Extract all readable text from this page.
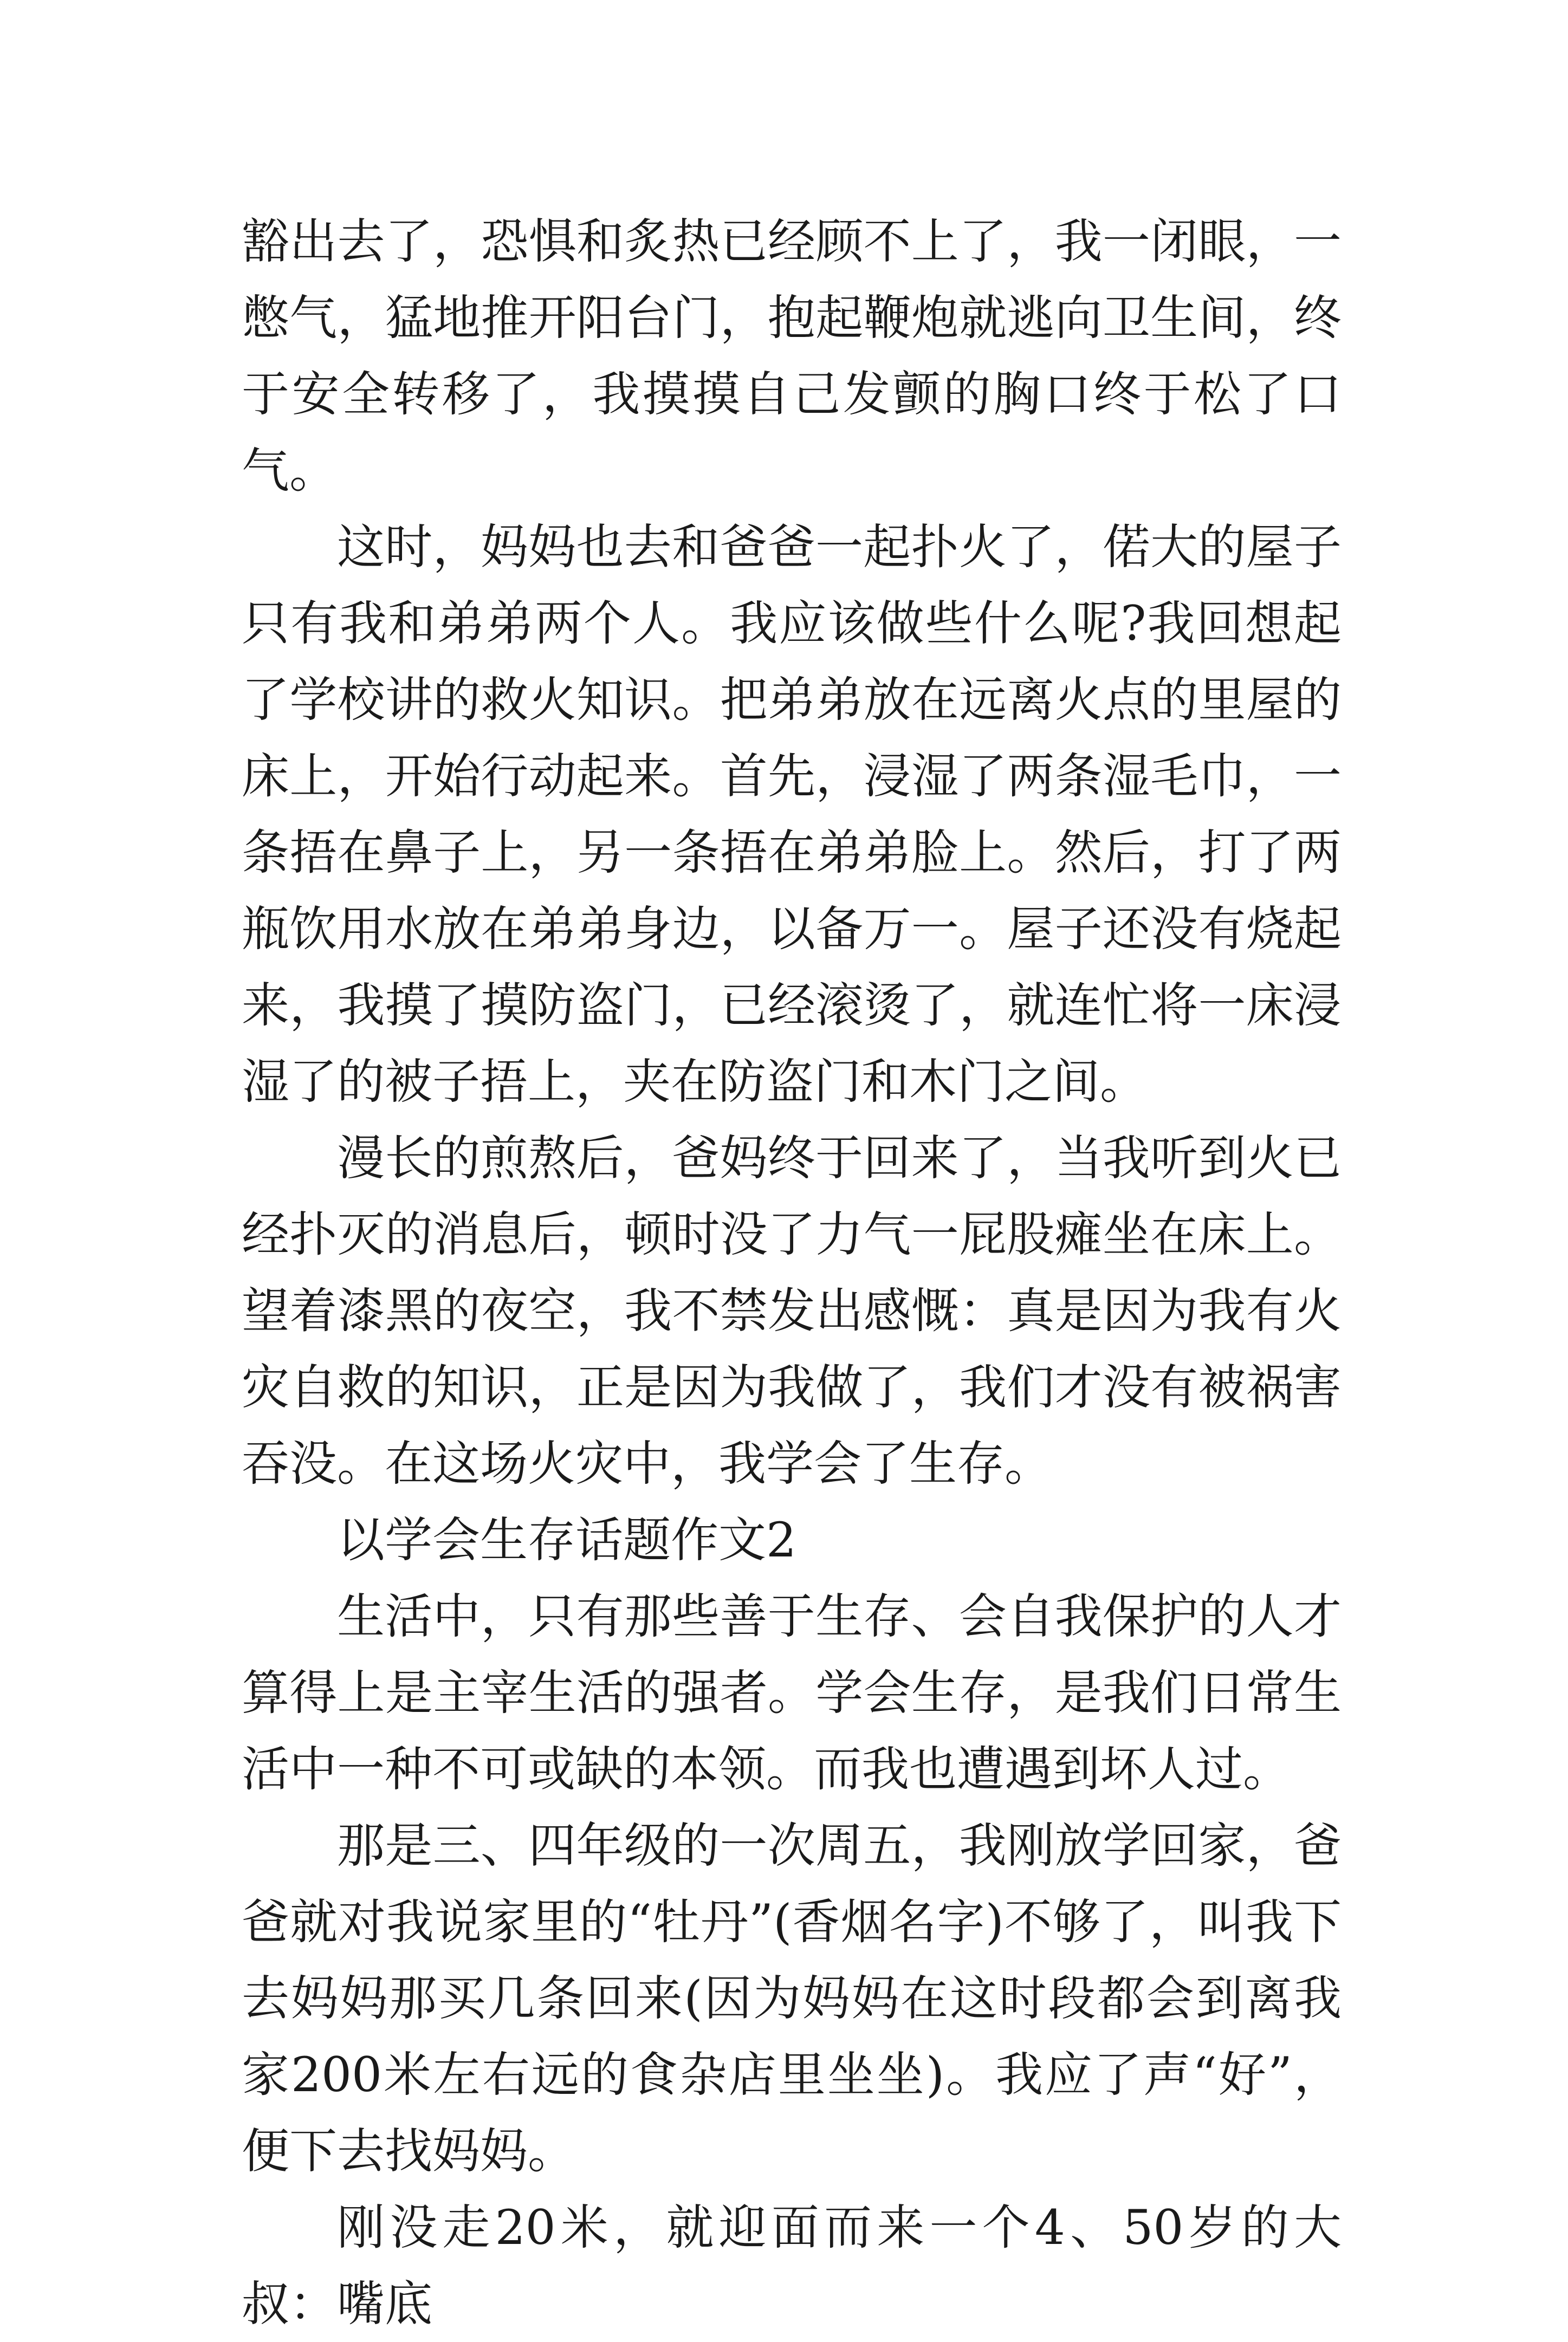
豁出去了，恐惧和炙热已经顾不上了，我一闭眼，一憋气，猛地推开阳台门，抱起鞭炮就逃向卫生间，终于安全转移了，我摸摸自己发颤的胸口终于松了口气。

这时，妈妈也去和爸爸一起扑火了，偌大的屋子只有我和弟弟两个人。我应该做些什么呢?我回想起了学校讲的救火知识。把弟弟放在远离火点的里屋的床上，开始行动起来。首先，浸湿了两条湿毛巾，一条捂在鼻子上，另一条捂在弟弟脸上。然后，打了两瓶饮用水放在弟弟身边，以备万一。屋子还没有烧起来，我摸了摸防盗门，已经滚烫了，就连忙将一床浸湿了的被子捂上，夹在防盗门和木门之间。

漫长的煎熬后，爸妈终于回来了，当我听到火已经扑灭的消息后，顿时没了力气一屁股瘫坐在床上。望着漆黑的夜空，我不禁发出感慨：真是因为我有火灾自救的知识，正是因为我做了，我们才没有被祸害吞没。在这场火灾中，我学会了生存。

以学会生存话题作文2

生活中，只有那些善于生存、会自我保护的人才算得上是主宰生活的强者。学会生存，是我们日常生活中一种不可或缺的本领。而我也遭遇到坏人过。

那是三、四年级的一次周五，我刚放学回家，爸爸就对我说家里的“牡丹”(香烟名字)不够了，叫我下去妈妈那买几条回来(因为妈妈在这时段都会到离我家200米左右远的食杂店里坐坐)。我应了声“好”，便下去找妈妈。

刚没走20米，就迎面而来一个4、50岁的大叔：嘴底
